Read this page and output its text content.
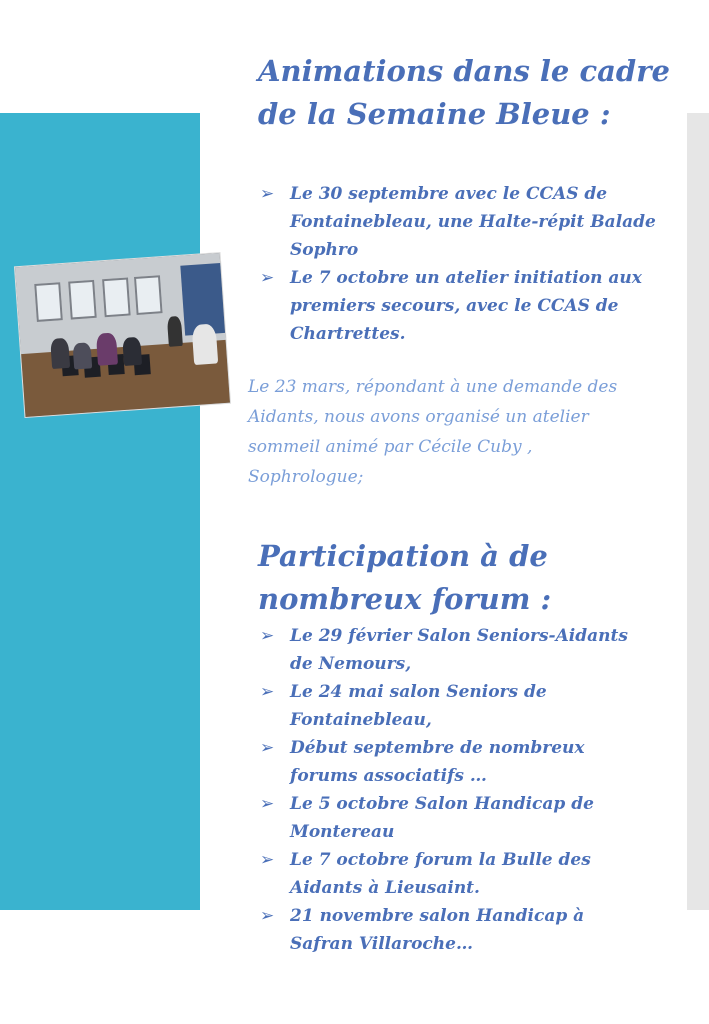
Animations dans le cadre de la Semaine Bleue :
➢ Le 30 septembre avec le CCAS de Fontainebleau, une Halte-répit Balade Sophro
➢ Le 7 octobre un atelier initiation aux premiers secours, avec le CCAS de Chartrettes.

Le 23 mars, répondant à une demande des Aidants, nous avons organisé un atelier sommeil animé par Cécile Cuby , Sophrologue;

Participation à de nombreux forum :
➢ Le 29 février Salon Seniors-Aidants de Nemours,
➢ Le 24 mai salon Seniors de Fontainebleau,
➢ Début septembre de nombreux forums associatifs …
➢ Le 5 octobre Salon Handicap de Montereau
➢ Le 7 octobre forum la Bulle des Aidants à Lieusaint.
➢ 21 novembre salon Handicap à Safran Villaroche…
